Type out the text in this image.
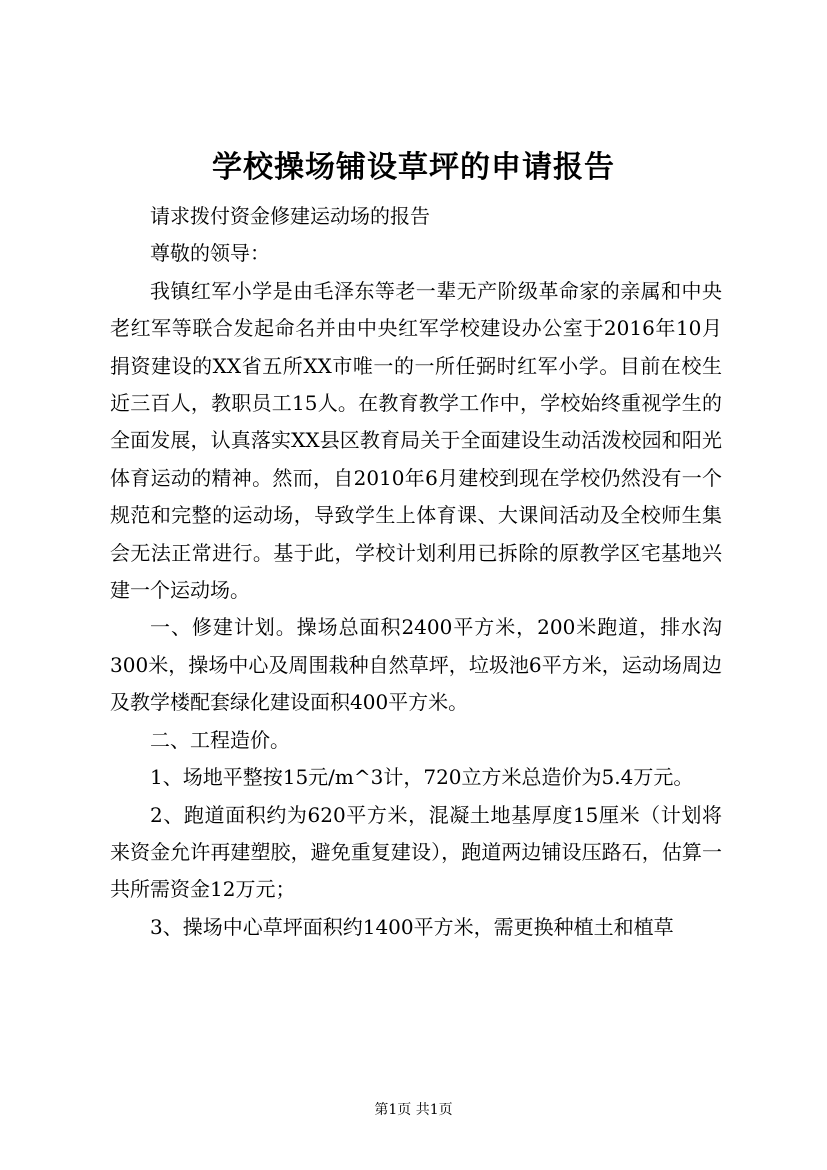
学校操场铺设草坪的申请报告

请求拨付资金修建运动场的报告

尊敬的领导：

我镇红军小学是由毛泽东等老一辈无产阶级革命家的亲属和中央老红军等联合发起命名并由中央红军学校建设办公室于2016年10月捐资建设的XX省五所XX市唯一的一所任弼时红军小学。目前在校生近三百人，教职员工15人。在教育教学工作中，学校始终重视学生的全面发展，认真落实XX县区教育局关于全面建设生动活泼校园和阳光体育运动的精神。然而，自2010年6月建校到现在学校仍然没有一个规范和完整的运动场，导致学生上体育课、大课间活动及全校师生集会无法正常进行。基于此，学校计划利用已拆除的原教学区宅基地兴建一个运动场。

一、修建计划。操场总面积2400平方米，200米跑道，排水沟300米，操场中心及周围栽种自然草坪，垃圾池6平方米，运动场周边及教学楼配套绿化建设面积400平方米。

二、工程造价。

1、场地平整按15元/m^3计，720立方米总造价为5.4万元。

2、跑道面积约为620平方米，混凝土地基厚度15厘米（计划将来资金允许再建塑胶，避免重复建设），跑道两边铺设压路石，估算一共所需资金12万元；

3、操场中心草坪面积约1400平方米，需更换种植土和植草

第1页 共1页
